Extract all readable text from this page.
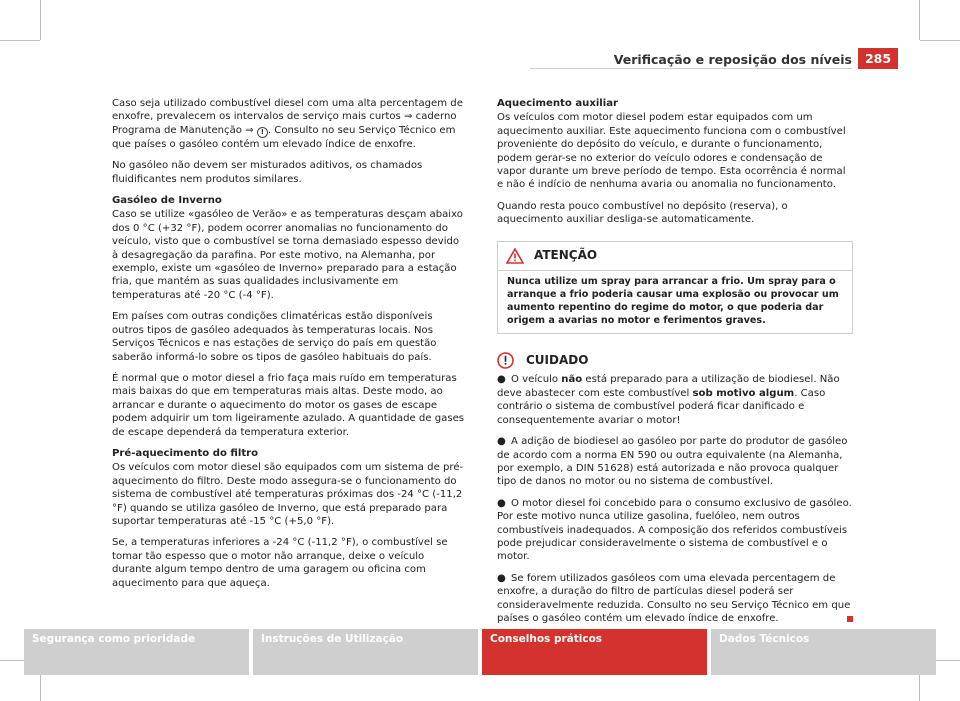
Verificação e reposição dos níveis	285

Caso seja utilizado combustível diesel com uma alta percentagem de enxofre, prevalecem os intervalos de serviço mais curtos ⇒ caderno Programa de Manutenção ⇒ ! . Consulto no seu Serviço Técnico em que países o gasóleo contém um elevado índice de enxofre.

No gasóleo não devem ser misturados aditivos, os chamados fluidificantes nem produtos similares.

Gasóleo de Inverno

Caso se utilize «gasóleo de Verão» e as temperaturas desçam abaixo dos 0 °C (+32 °F), podem ocorrer anomalias no funcionamento do veículo, visto que o combustível se torna demasiado espesso devido à desagregação da parafina. Por este motivo, na Alemanha, por exemplo, existe um «gasóleo de Inverno» preparado para a estação fria, que mantém as suas qualidades inclusivamente em temperaturas até -20 °C (-4 °F).

Em países com outras condições climatéricas estão disponíveis outros tipos de gasóleo adequados às temperaturas locais. Nos Serviços Técnicos e nas estações de serviço do país em questão saberão informá-lo sobre os tipos de gasóleo habituais do país.

É normal que o motor diesel a frio faça mais ruído em temperaturas mais baixas do que em temperaturas mais altas. Deste modo, ao arrancar e durante o aquecimento do motor os gases de escape podem adquirir um tom ligeiramente azulado. A quantidade de gases de escape dependerá da temperatura exterior.

Pré-aquecimento do filtro

Os veículos com motor diesel são equipados com um sistema de pré-aquecimento do filtro. Deste modo assegura-se o funcionamento do sistema de combustível até temperaturas próximas dos -24 °C (-11,2 °F) quando se utiliza gasóleo de Inverno, que está preparado para suportar temperaturas até -15 °C (+5,0 °F).

Se, a temperaturas inferiores a -24 °C (-11,2 °F), o combustível se tomar tão espesso que o motor não arranque, deixe o veículo durante algum tempo dentro de uma garagem ou oficina com aquecimento para que aqueça.

Aquecimento auxiliar

Os veículos com motor diesel podem estar equipados com um aquecimento auxiliar. Este aquecimento funciona com o combustível proveniente do depósito do veículo, e durante o funcionamento, podem gerar-se no exterior do veículo odores e condensação de vapor durante um breve período de tempo. Esta ocorrência é normal e não é indício de nenhuma avaria ou anomalia no funcionamento.

Quando resta pouco combustível no depósito (reserva), o aquecimento auxiliar desliga-se automaticamente.

ATENÇÃO
Nunca utilize um spray para arrancar a frio. Um spray para o arranque a frio poderia causar uma explosão ou provocar um aumento repentino do regime do motor, o que poderia dar origem a avarias no motor e ferimentos graves.
CUIDADO

● O veículo não está preparado para a utilização de biodiesel. Não deve abastecer com este combustível sob motivo algum. Caso contrário o sistema de combustível poderá ficar danificado e consequentemente avariar o motor!

● A adição de biodiesel ao gasóleo por parte do produtor de gasóleo de acordo com a norma EN 590 ou outra equivalente (na Alemanha, por exemplo, a DIN 51628) está autorizada e não provoca qualquer tipo de danos no motor ou no sistema de combustível.

● O motor diesel foi concebido para o consumo exclusivo de gasóleo. Por este motivo nunca utilize gasolina, fuelóleo, nem outros combustíveis inadequados. A composição dos referidos combustíveis pode prejudicar consideravelmente o sistema de combustível e o motor.

● Se forem utilizados gasóleos com uma elevada percentagem de enxofre, a duração do filtro de partículas diesel poderá ser consideravelmente reduzida. Consulto no seu Serviço Técnico em que países o gasóleo contém um elevado índice de enxofre.

Segurança como prioridade	Instruções de Utilização	Conselhos práticos	Dados Técnicos
